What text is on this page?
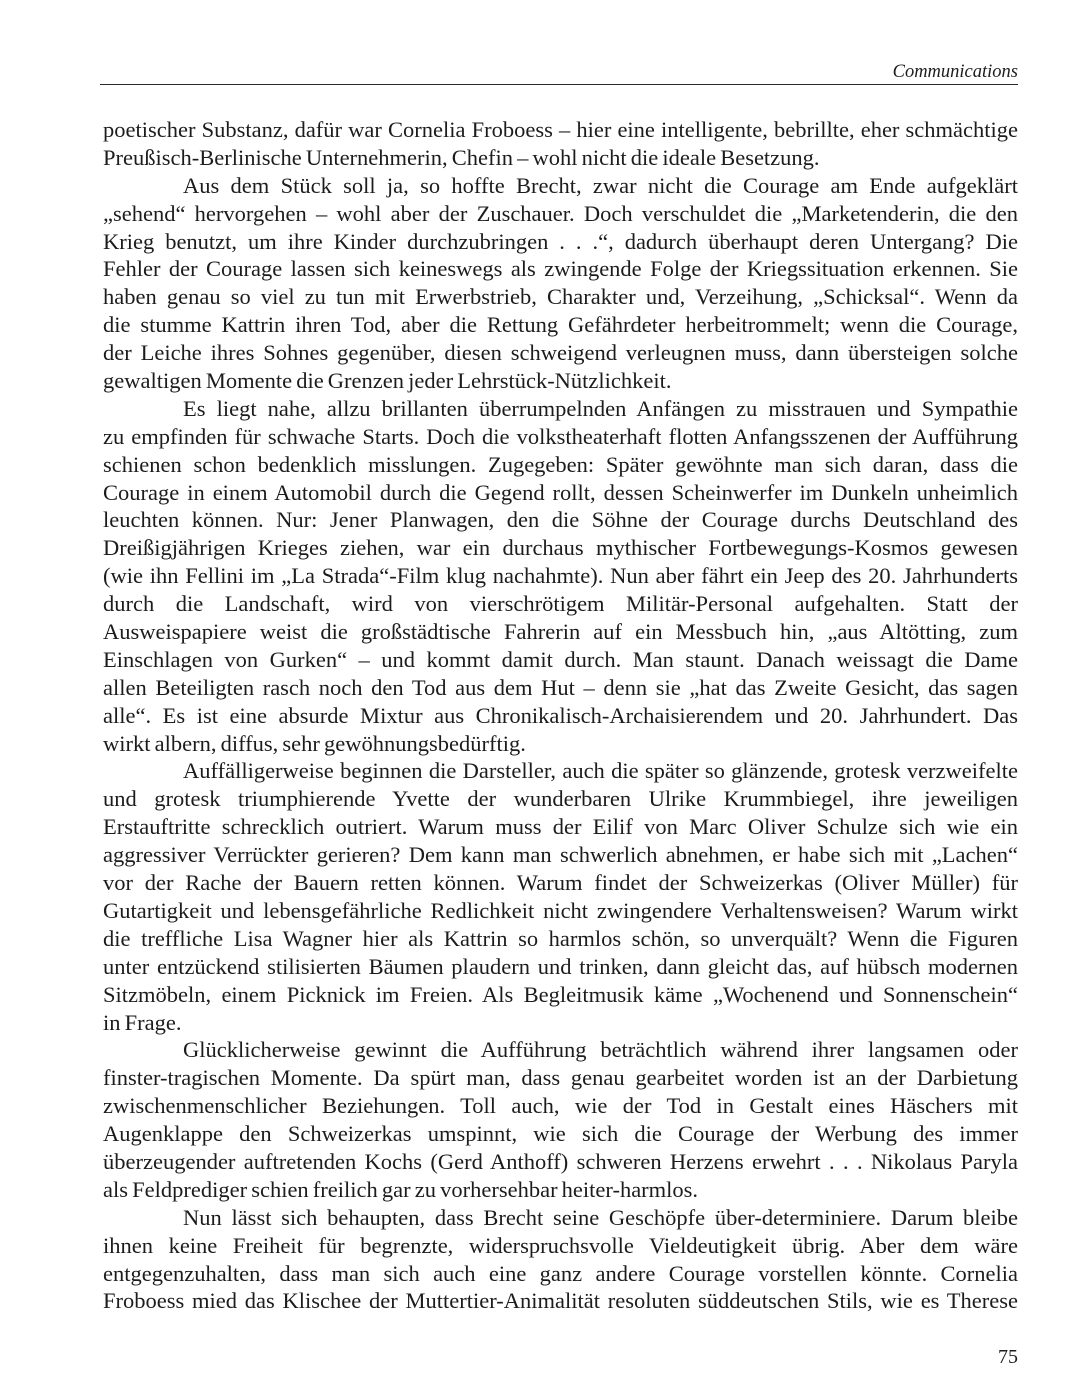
Communications
poetischer Substanz, dafür war Cornelia Froboess – hier eine intelligente, bebrillte, eher schmächtige
Preußisch-Berlinische Unternehmerin, Chefin – wohl nicht die ideale Besetzung.
Aus dem Stück soll ja, so hoffte Brecht, zwar nicht die Courage am Ende aufgeklärt
„sehend“ hervorgehen – wohl aber der Zuschauer. Doch verschuldet die „Marketenderin, die den
Krieg benutzt, um ihre Kinder durchzubringen . . .“, dadurch überhaupt deren Untergang? Die
Fehler der Courage lassen sich keineswegs als zwingende Folge der Kriegssituation erkennen. Sie
haben genau so viel zu tun mit Erwerbstrieb, Charakter und, Verzeihung, „Schicksal“. Wenn da
die stumme Kattrin ihren Tod, aber die Rettung Gefährdeter herbeitrommelt; wenn die Courage,
der Leiche ihres Sohnes gegenüber, diesen schweigend verleugnen muss, dann übersteigen solche
gewaltigen Momente die Grenzen jeder Lehrstück-Nützlichkeit.
Es liegt nahe, allzu brillanten überrumpelnden Anfängen zu misstrauen und Sympathie
zu empfinden für schwache Starts. Doch die volkstheaterhaft flotten Anfangsszenen der Aufführung
schienen schon bedenklich misslungen. Zugegeben: Später gewöhnte man sich daran, dass die
Courage in einem Automobil durch die Gegend rollt, dessen Scheinwerfer im Dunkeln unheimlich
leuchten können. Nur: Jener Planwagen, den die Söhne der Courage durchs Deutschland des
Dreißigjährigen Krieges ziehen, war ein durchaus mythischer Fortbewegungs-Kosmos gewesen
(wie ihn Fellini im „La Strada“-Film klug nachahmte). Nun aber fährt ein Jeep des 20. Jahrhunderts
durch die Landschaft, wird von vierschrötigem Militär-Personal aufgehalten. Statt der
Ausweispapiere weist die großstädtische Fahrerin auf ein Messbuch hin, „aus Altötting, zum
Einschlagen von Gurken“ – und kommt damit durch. Man staunt. Danach weissagt die Dame
allen Beteiligten rasch noch den Tod aus dem Hut – denn sie „hat das Zweite Gesicht, das sagen
alle“. Es ist eine absurde Mixtur aus Chronikalisch-Archaisierendem und 20. Jahrhundert. Das
wirkt albern, diffus, sehr gewöhnungsbedürftig.
Auffälligerweise beginnen die Darsteller, auch die später so glänzende, grotesk verzweifelte
und grotesk triumphierende Yvette der wunderbaren Ulrike Krummbiegel, ihre jeweiligen
Erstauftritte schrecklich outriert. Warum muss der Eilif von Marc Oliver Schulze sich wie ein
aggressiver Verrückter gerieren? Dem kann man schwerlich abnehmen, er habe sich mit „Lachen“
vor der Rache der Bauern retten können. Warum findet der Schweizerkas (Oliver Müller) für
Gutartigkeit und lebensgefährliche Redlichkeit nicht zwingendere Verhaltensweisen? Warum wirkt
die treffliche Lisa Wagner hier als Kattrin so harmlos schön, so unverquält? Wenn die Figuren
unter entzückend stilisierten Bäumen plaudern und trinken, dann gleicht das, auf hübsch modernen
Sitzmöbeln, einem Picknick im Freien. Als Begleitmusik käme „Wochenend und Sonnenschein“
in Frage.
Glücklicherweise gewinnt die Aufführung beträchtlich während ihrer langsamen oder
finster-tragischen Momente. Da spürt man, dass genau gearbeitet worden ist an der Darbietung
zwischenmenschlicher Beziehungen. Toll auch, wie der Tod in Gestalt eines Häschers mit
Augenklappe den Schweizerkas umspinnt, wie sich die Courage der Werbung des immer
überzeugender auftretenden Kochs (Gerd Anthoff) schweren Herzens erwehrt . . . Nikolaus Paryla
als Feldprediger schien freilich gar zu vorhersehbar heiter-harmlos.
Nun lässt sich behaupten, dass Brecht seine Geschöpfe über-determiniere. Darum bleibe
ihnen keine Freiheit für begrenzte, widerspruchsvolle Vieldeutigkeit übrig. Aber dem wäre
entgegenzuhalten, dass man sich auch eine ganz andere Courage vorstellen könnte. Cornelia
Froboess mied das Klischee der Muttertier-Animalität resoluten süddeutschen Stils, wie es Therese
75
